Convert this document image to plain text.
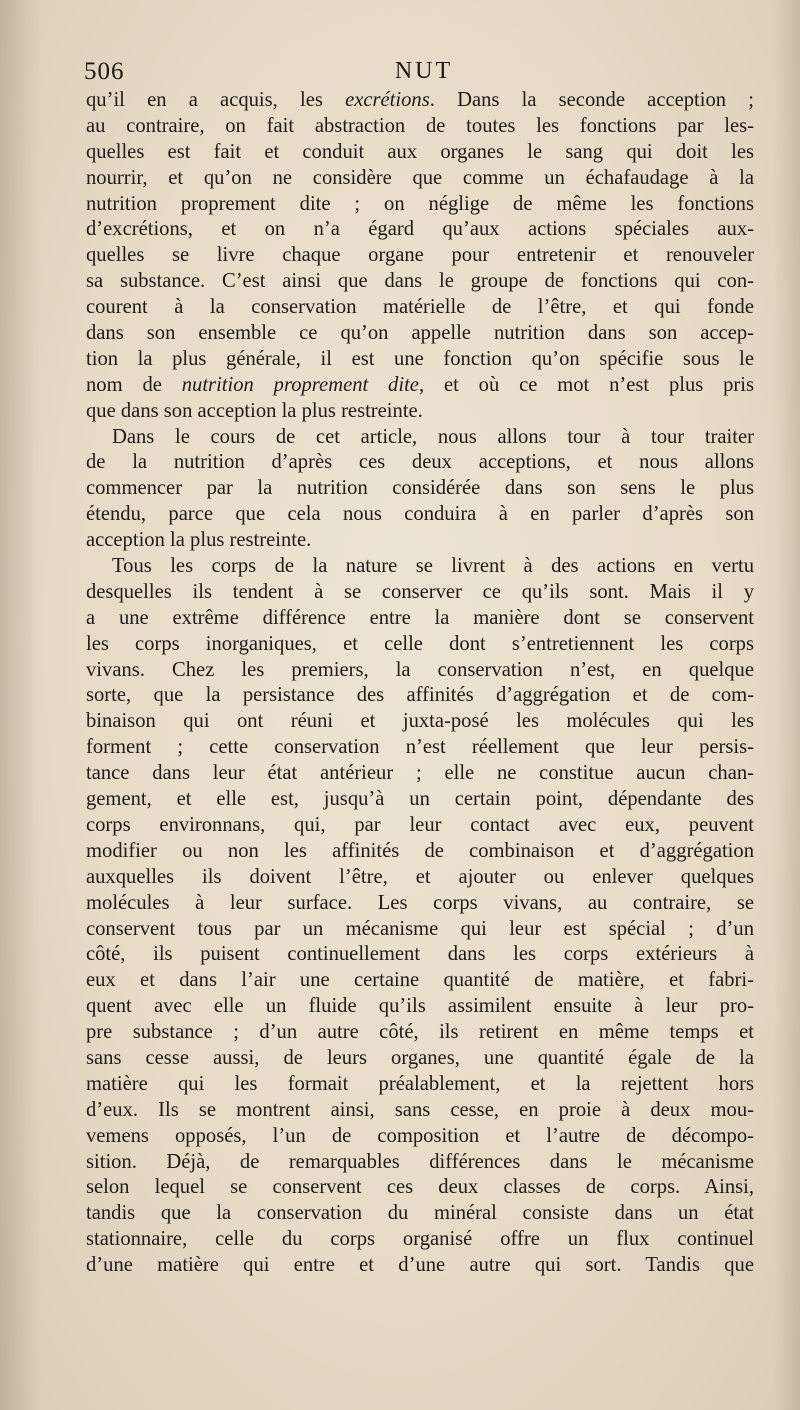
506	NUT
qu’il en a acquis, les excrétions. Dans la seconde acception ;
au contraire, on fait abstraction de toutes les fonctions par les-
quelles est fait et conduit aux organes le sang qui doit les
nourrir, et qu’on ne considère que comme un échafaudage à la
nutrition proprement dite ; on néglige de même les fonctions
d’excrétions, et on n’a égard qu’aux actions spéciales aux-
quelles se livre chaque organe pour entretenir et renouveler
sa substance. C’est ainsi que dans le groupe de fonctions qui con-
courent à la conservation matérielle de l’être, et qui fonde
dans son ensemble ce qu’on appelle nutrition dans son accep-
tion la plus générale, il est une fonction qu’on spécifie sous le
nom de nutrition proprement dite, et où ce mot n’est plus pris
que dans son acception la plus restreinte.
Dans le cours de cet article, nous allons tour à tour traiter
de la nutrition d’après ces deux acceptions, et nous allons
commencer par la nutrition considérée dans son sens le plus
étendu, parce que cela nous conduira à en parler d’après son
acception la plus restreinte.
Tous les corps de la nature se livrent à des actions en vertu
desquelles ils tendent à se conserver ce qu’ils sont. Mais il y
a une extrême différence entre la manière dont se conservent
les corps inorganiques, et celle dont s’entretiennent les corps
vivans. Chez les premiers, la conservation n’est, en quelque
sorte, que la persistance des affinités d’aggrégation et de com-
binaison qui ont réuni et juxta-posé les molécules qui les
forment ; cette conservation n’est réellement que leur persis-
tance dans leur état antérieur ; elle ne constitue aucun chan-
gement, et elle est, jusqu’à un certain point, dépendante des
corps environnans, qui, par leur contact avec eux, peuvent
modifier ou non les affinités de combinaison et d’aggrégation
auxquelles ils doivent l’être, et ajouter ou enlever quelques
molécules à leur surface. Les corps vivans, au contraire, se
conservent tous par un mécanisme qui leur est spécial ; d’un
côté, ils puisent continuellement dans les corps extérieurs à
eux et dans l’air une certaine quantité de matière, et fabri-
quent avec elle un fluide qu’ils assimilent ensuite à leur pro-
pre substance ; d’un autre côté, ils retirent en même temps et
sans cesse aussi, de leurs organes, une quantité égale de la
matière qui les formait préalablement, et la rejettent hors
d’eux. Ils se montrent ainsi, sans cesse, en proie à deux mou-
vemens opposés, l’un de composition et l’autre de décompo-
sition. Déjà, de remarquables différences dans le mécanisme
selon lequel se conservent ces deux classes de corps. Ainsi,
tandis que la conservation du minéral consiste dans un état
stationnaire, celle du corps organisé offre un flux continuel
d’une matière qui entre et d’une autre qui sort. Tandis que
